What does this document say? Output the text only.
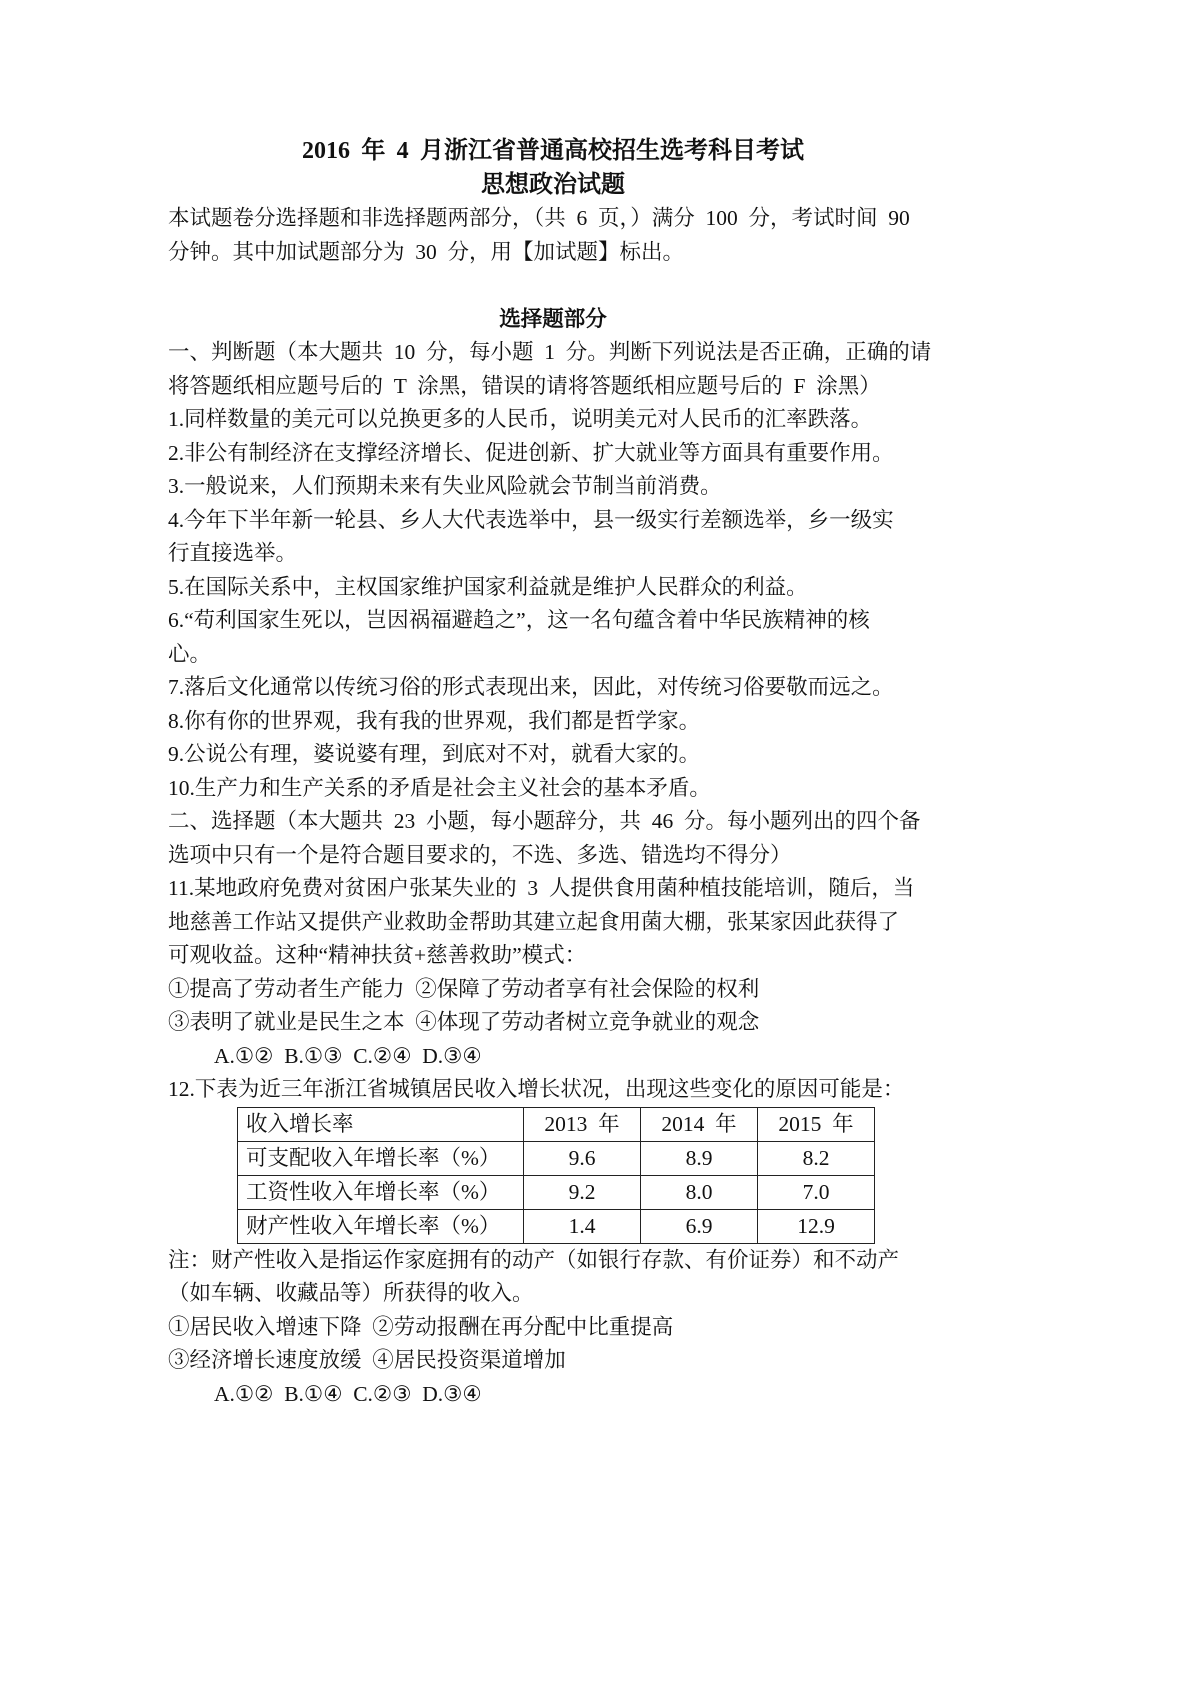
2016 年 4 月浙江省普通高校招生选考科目考试
思想政治试题
本试题卷分选择题和非选择题两部分，（共 6 页，）满分 100 分，考试时间 90
分钟。其中加试题部分为 30 分，用【加试题】标出。
选择题部分
一、判断题（本大题共 10 分，每小题 1 分。判断下列说法是否正确，正确的请
将答题纸相应题号后的 T 涂黑，错误的请将答题纸相应题号后的 F 涂黑）
1.同样数量的美元可以兑换更多的人民币，说明美元对人民币的汇率跌落。
2.非公有制经济在支撑经济增长、促进创新、扩大就业等方面具有重要作用。
3.一般说来，人们预期未来有失业风险就会节制当前消费。
4.今年下半年新一轮县、乡人大代表选举中，县一级实行差额选举，乡一级实
行直接选举。
5.在国际关系中，主权国家维护国家利益就是维护人民群众的利益。
6.“苟利国家生死以，岂因祸福避趋之”，这一名句蕴含着中华民族精神的核
心。
7.落后文化通常以传统习俗的形式表现出来，因此，对传统习俗要敬而远之。
8.你有你的世界观，我有我的世界观，我们都是哲学家。
9.公说公有理，婆说婆有理，到底对不对，就看大家的。
10.生产力和生产关系的矛盾是社会主义社会的基本矛盾。
二、选择题（本大题共 23 小题，每小题辞分，共 46 分。每小题列出的四个备
选项中只有一个是符合题目要求的，不选、多选、错选均不得分）
11.某地政府免费对贫困户张某失业的 3 人提供食用菌种植技能培训，随后，当
地慈善工作站又提供产业救助金帮助其建立起食用菌大棚，张某家因此获得了
可观收益。这种“精神扶贫+慈善救助”模式：
①提高了劳动者生产能力 ②保障了劳动者享有社会保险的权利
③表明了就业是民生之本 ④体现了劳动者树立竞争就业的观念
A.①② B.①③ C.②④ D.③④
12.下表为近三年浙江省城镇居民收入增长状况，出现这些变化的原因可能是：
收入增长率	2013 年	2014 年	2015 年
可支配收入年增长率（%）	9.6	8.9	8.2
工资性收入年增长率（%）	9.2	8.0	7.0
财产性收入年增长率（%）	1.4	6.9	12.9
注：财产性收入是指运作家庭拥有的动产（如银行存款、有价证券）和不动产
（如车辆、收藏品等）所获得的收入。
①居民收入增速下降 ②劳动报酬在再分配中比重提高
③经济增长速度放缓 ④居民投资渠道增加
A.①② B.①④ C.②③ D.③④
